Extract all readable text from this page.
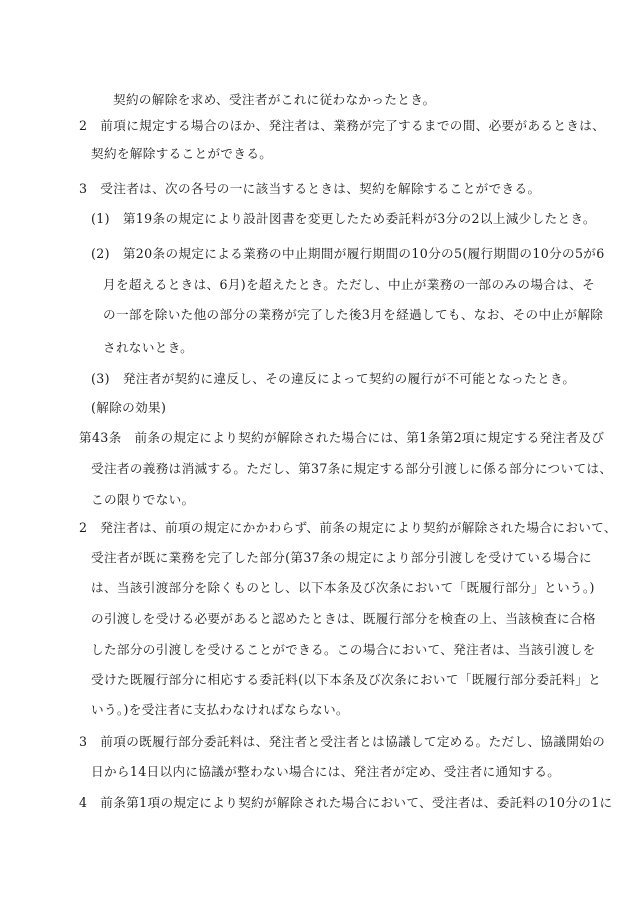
契約の解除を求め、受注者がこれに従わなかったとき。
2　前項に規定する場合のほか、発注者は、業務が完了するまでの間、必要があるときは、
契約を解除することができる。
3　受注者は、次の各号の一に該当するときは、契約を解除することができる。
(1)　第19条の規定により設計図書を変更したため委託料が3分の2以上減少したとき。
(2)　第20条の規定による業務の中止期間が履行期間の10分の5(履行期間の10分の5が6
月を超えるときは、6月)を超えたとき。ただし、中止が業務の一部のみの場合は、そ
の一部を除いた他の部分の業務が完了した後3月を経過しても、なお、その中止が解除
されないとき。
(3)　発注者が契約に違反し、その違反によって契約の履行が不可能となったとき。
(解除の効果)
第43条　前条の規定により契約が解除された場合には、第1条第2項に規定する発注者及び
受注者の義務は消滅する。ただし、第37条に規定する部分引渡しに係る部分については、
この限りでない。
2　発注者は、前項の規定にかかわらず、前条の規定により契約が解除された場合において、
受注者が既に業務を完了した部分(第37条の規定により部分引渡しを受けている場合に
は、当該引渡部分を除くものとし、以下本条及び次条において「既履行部分」という。)
の引渡しを受ける必要があると認めたときは、既履行部分を検査の上、当該検査に合格
した部分の引渡しを受けることができる。この場合において、発注者は、当該引渡しを
受けた既履行部分に相応する委託料(以下本条及び次条において「既履行部分委託料」と
いう。)を受注者に支払わなければならない。
3　前項の既履行部分委託料は、発注者と受注者とは協議して定める。ただし、協議開始の
日から14日以内に協議が整わない場合には、発注者が定め、受注者に通知する。
4　前条第1項の規定により契約が解除された場合において、受注者は、委託料の10分の1に
